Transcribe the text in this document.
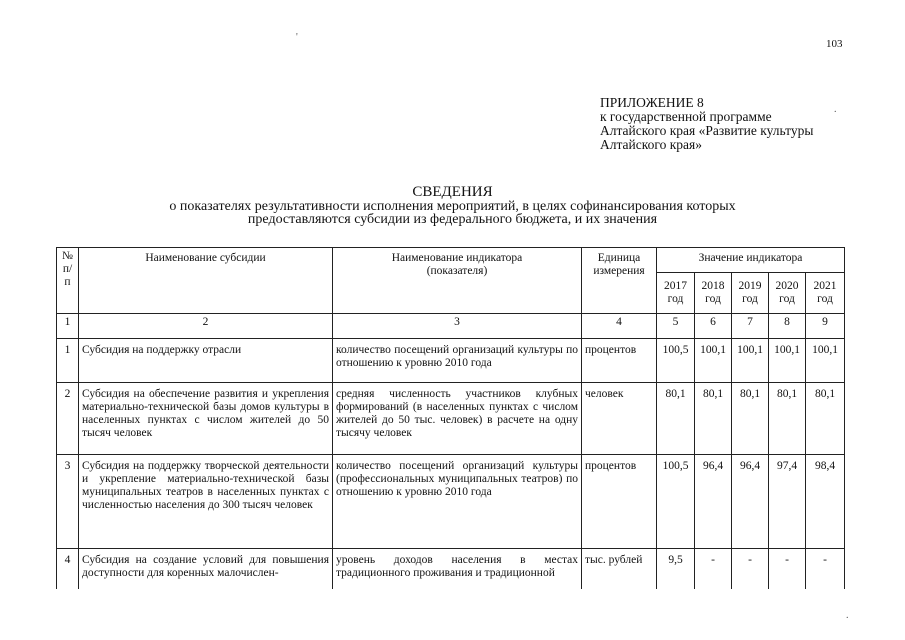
103
ПРИЛОЖЕНИЕ 8
к государственной программе
Алтайского края «Развитие культуры
Алтайского края»
СВЕДЕНИЯ
о показателях результативности исполнения мероприятий, в целях софинансирования которых
предоставляются субсидии из федерального бюджета, и их значения
№ п/п	Наименование субсидии	Наименование индикатора (показателя)	Единица измерения	Значение индикатора				
				2017 год	2018 год	2019 год	2020 год	2021 год
1	2	3	4	5	6	7	8	9
1	Субсидия на поддержку отрасли	количество посещений организаций культуры по отношению к уровню 2010 года	процентов	100,5	100,1	100,1	100,1	100,1
2	Субсидия на обеспечение развития и укрепления материально-технической базы домов культуры в населенных пунктах с числом жителей до 50 тысяч человек	средняя численность участников клубных формирований (в населенных пунктах с числом жителей до 50 тыс. человек) в расчете на одну тысячу человек	человек	80,1	80,1	80,1	80,1	80,1
3	Субсидия на поддержку творческой деятельности и укрепление материально-технической базы муниципальных театров в населенных пунктах с численностью населения до 300 тысяч человек	количество посещений организаций культуры (профессиональных муниципальных театров) по отношению к уровню 2010 года	процентов	100,5	96,4	96,4	97,4	98,4
4	Субсидия на создание условий для повышения доступности для коренных малочислен-	уровень доходов населения в местах традиционного проживания и традиционной	тыс. рублей	9,5	-	-	-	-
'
.
.
